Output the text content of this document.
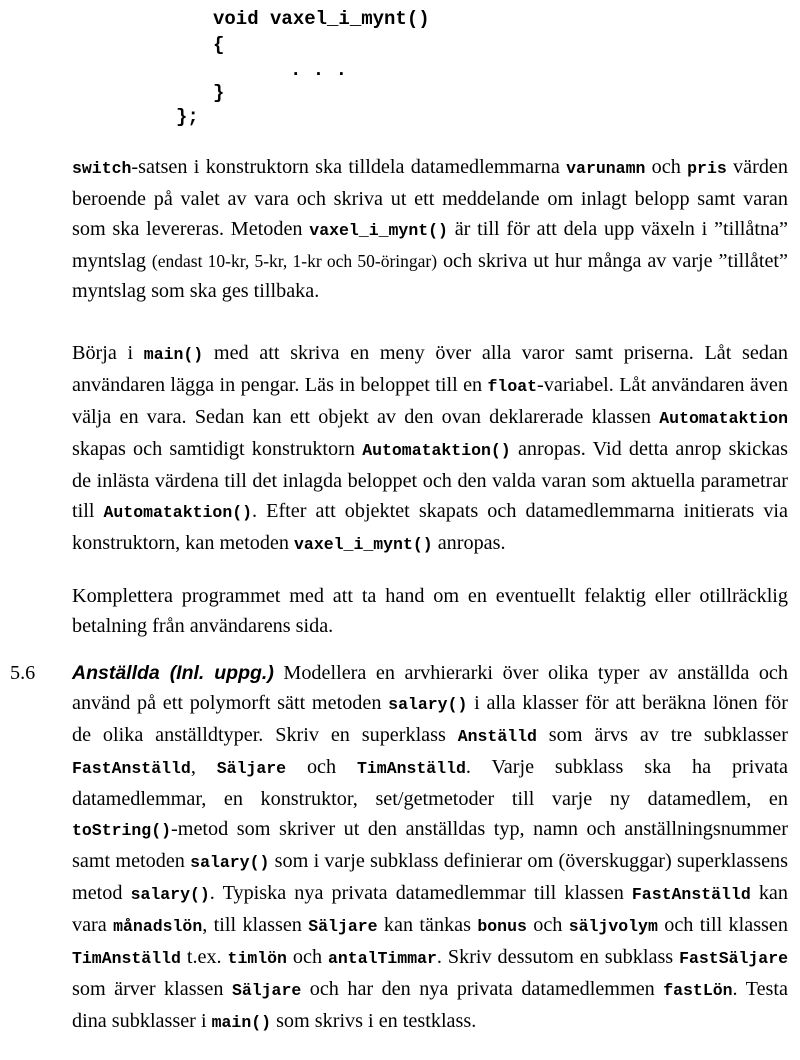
void vaxel_i_mynt()
{
. . .
}
};

switch-satsen i konstruktorn ska tilldela datamedlemmarna varunamn och pris värden beroende på valet av vara och skriva ut ett meddelande om inlagt belopp samt varan som ska levereras. Metoden vaxel_i_mynt() är till för att dela upp växeln i ”tillåtna” myntslag (endast 10-kr, 5-kr, 1-kr och 50-öringar) och skriva ut hur många av varje ”tillåtet” myntslag som ska ges tillbaka.

Börja i main() med att skriva en meny över alla varor samt priserna. Låt sedan användaren lägga in pengar. Läs in beloppet till en float-variabel. Låt användaren även välja en vara. Sedan kan ett objekt av den ovan deklarerade klassen Automataktion skapas och samtidigt konstruktorn Automataktion() anropas. Vid detta anrop skickas de inlästa värdena till det inlagda beloppet och den valda varan som aktuella parametrar till Automataktion(). Efter att objektet skapats och datamedlemmarna initierats via konstruktorn, kan metoden vaxel_i_mynt() anropas.

Komplettera programmet med att ta hand om en eventuellt felaktig eller otillräcklig betalning från användarens sida.

5.6 Anställda (Inl. uppg.) Modellera en arvhierarki över olika typer av anställda och använd på ett polymorft sätt metoden salary() i alla klasser för att beräkna lönen för de olika anställdtyper. Skriv en superklass Anställd som ärvs av tre subklasser FastAnställd, Säljare och TimAnställd. Varje subklass ska ha privata datamedlemmar, en konstruktor, set/getmetoder till varje ny datamedlem, en toString()-metod som skriver ut den anställdas typ, namn och anställningsnummer samt metoden salary() som i varje subklass definierar om (överskuggar) superklassens metod salary(). Typiska nya privata datamedlemmar till klassen FastAnställd kan vara månadslön, till klassen Säljare kan tänkas bonus och säljvolym och till klassen TimAnställd t.ex. timlön och antalTimmar. Skriv dessutom en subklass FastSäljare som ärver klassen Säljare och har den nya privata datamedlemmen fastLön. Testa dina subklasser i main() som skrivs i en testklass.
